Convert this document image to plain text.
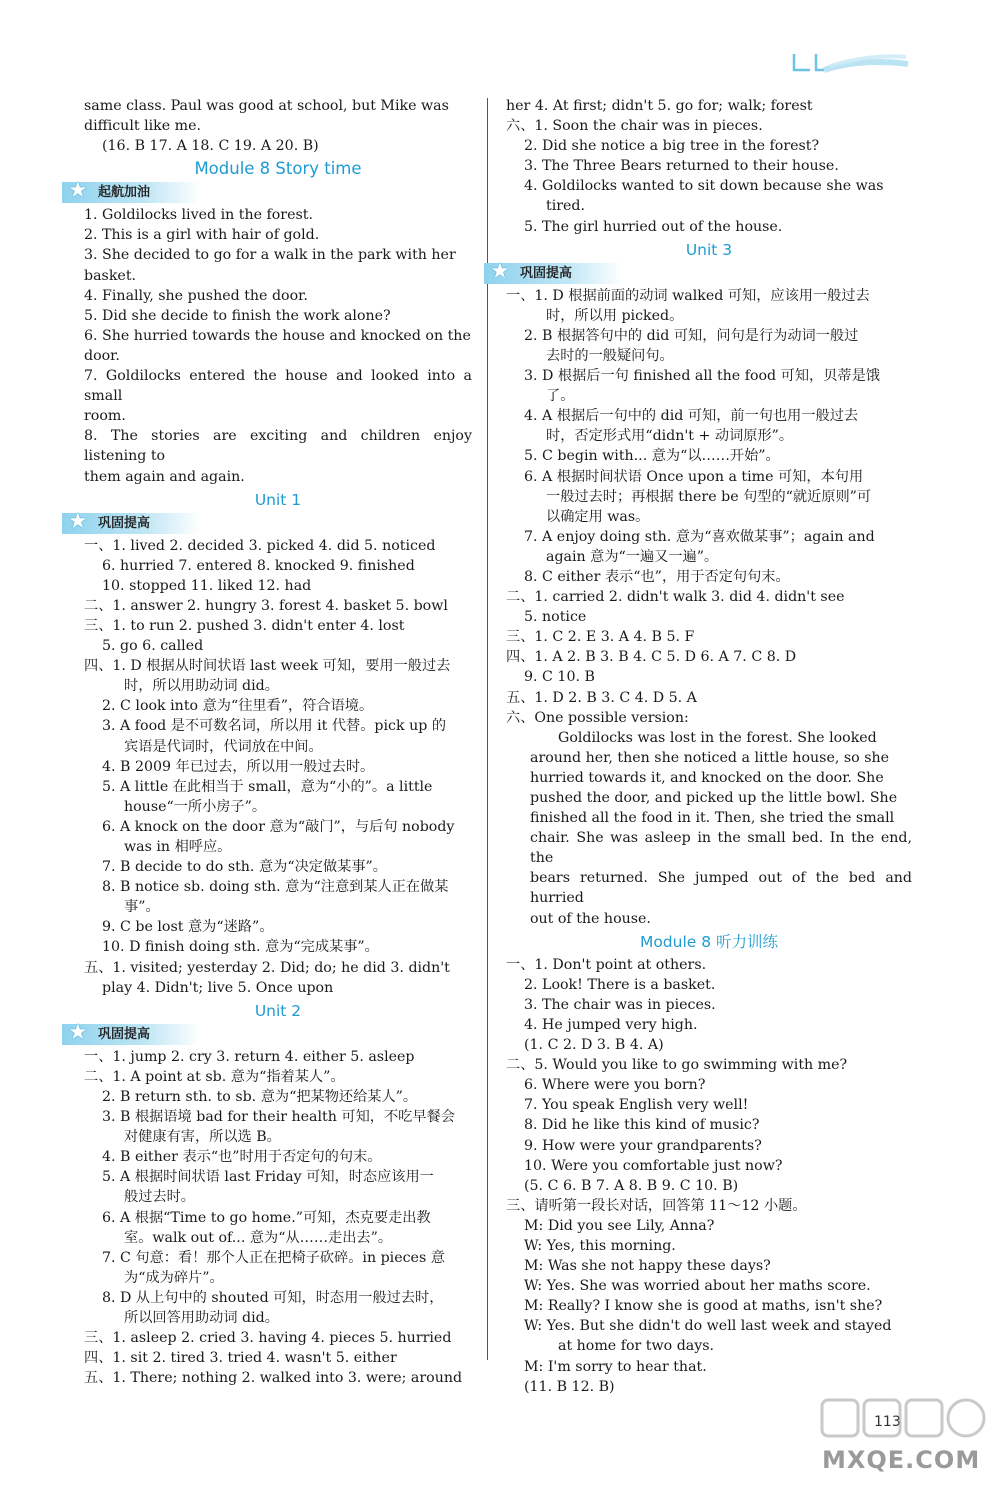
same class. Paul was good at school, but Mike was
difficult like me.
(16. B 17. A 18. C 19. A 20. B)
Module 8 Story time
★ 起航加油
1. Goldilocks lived in the forest.
2. This is a girl with hair of gold.
3. She decided to go for a walk in the park with her
basket.
4. Finally, she pushed the door.
5. Did she decide to finish the work alone?
6. She hurried towards the house and knocked on the
door.
7. Goldilocks entered the house and looked into a small
room.
8. The stories are exciting and children enjoy listening to
them again and again.
Unit 1
★ 巩固提高
一、1. lived 2. decided 3. picked 4. did 5. noticed
6. hurried 7. entered 8. knocked 9. finished
10. stopped 11. liked 12. had
二、1. answer 2. hungry 3. forest 4. basket 5. bowl
三、1. to run 2. pushed 3. didn't enter 4. lost
5. go 6. called
四、1. D 根据从时间状语 last week 可知，要用一般过去
时，所以用助动词 did。
2. C look into 意为“往里看”，符合语境。
3. A food 是不可数名词，所以用 it 代替。pick up 的
宾语是代词时，代词放在中间。
4. B 2009 年已过去，所以用一般过去时。
5. A little 在此相当于 small，意为“小的”。a little
house“一所小房子”。
6. A knock on the door 意为“敲门”，与后句 nobody
was in 相呼应。
7. B decide to do sth. 意为“决定做某事”。
8. B notice sb. doing sth. 意为“注意到某人正在做某
事”。
9. C be lost 意为“迷路”。
10. D finish doing sth. 意为“完成某事”。
五、1. visited; yesterday 2. Did; do; he did 3. didn't
play 4. Didn't; live 5. Once upon
Unit 2
★ 巩固提高
一、1. jump 2. cry 3. return 4. either 5. asleep
二、1. A point at sb. 意为“指着某人”。
2. B return sth. to sb. 意为“把某物还给某人”。
3. B 根据语境 bad for their health 可知，不吃早餐会
对健康有害，所以选 B。
4. B either 表示“也”时用于否定句的句末。
5. A 根据时间状语 last Friday 可知，时态应该用一
般过去时。
6. A 根据“Time to go home.”可知，杰克要走出教
室。walk out of... 意为“从……走出去”。
7. C 句意：看！那个人正在把椅子砍碎。in pieces 意
为“成为碎片”。
8. D 从上句中的 shouted 可知，时态用一般过去时，
所以回答用助动词 did。
三、1. asleep 2. cried 3. having 4. pieces 5. hurried
四、1. sit 2. tired 3. tried 4. wasn't 5. either
五、1. There; nothing 2. walked into 3. were; around
her 4. At first; didn't 5. go for; walk; forest
六、1. Soon the chair was in pieces.
2. Did she notice a big tree in the forest?
3. The Three Bears returned to their house.
4. Goldilocks wanted to sit down because she was
tired.
5. The girl hurried out of the house.
Unit 3
★ 巩固提高
一、1. D 根据前面的动词 walked 可知，应该用一般过去
时，所以用 picked。
2. B 根据答句中的 did 可知，问句是行为动词一般过
去时的一般疑问句。
3. D 根据后一句 finished all the food 可知，贝蒂是饿
了。
4. A 根据后一句中的 did 可知，前一句也用一般过去
时，否定形式用“didn't + 动词原形”。
5. C begin with... 意为“以……开始”。
6. A 根据时间状语 Once upon a time 可知，本句用
一般过去时；再根据 there be 句型的“就近原则”可
以确定用 was。
7. A enjoy doing sth. 意为“喜欢做某事”；again and
again 意为“一遍又一遍”。
8. C either 表示“也”，用于否定句句末。
二、1. carried 2. didn't walk 3. did 4. didn't see
5. notice
三、1. C 2. E 3. A 4. B 5. F
四、1. A 2. B 3. B 4. C 5. D 6. A 7. C 8. D
9. C 10. B
五、1. D 2. B 3. C 4. D 5. A
六、One possible version:
Goldilocks was lost in the forest. She looked
around her, then she noticed a little house, so she
hurried towards it, and knocked on the door. She
pushed the door, and picked up the little bowl. She
finished all the food in it. Then, she tried the small
chair. She was asleep in the small bed. In the end, the
bears returned. She jumped out of the bed and hurried
out of the house.
Module 8 听力训练
一、1. Don't point at others.
2. Look! There is a basket.
3. The chair was in pieces.
4. He jumped very high.
(1. C 2. D 3. B 4. A)
二、5. Would you like to go swimming with me?
6. Where were you born?
7. You speak English very well!
8. Did he like this kind of music?
9. How were your grandparents?
10. Were you comfortable just now?
(5. C 6. B 7. A 8. B 9. C 10. B)
三、请听第一段长对话，回答第 11～12 小题。
M: Did you see Lily, Anna?
W: Yes, this morning.
M: Was she not happy these days?
W: Yes. She was worried about her maths score.
M: Really? I know she is good at maths, isn't she?
W: Yes. But she didn't do well last week and stayed
at home for two days.
M: I'm sorry to hear that.
(11. B 12. B)
113
MXQE.COM
